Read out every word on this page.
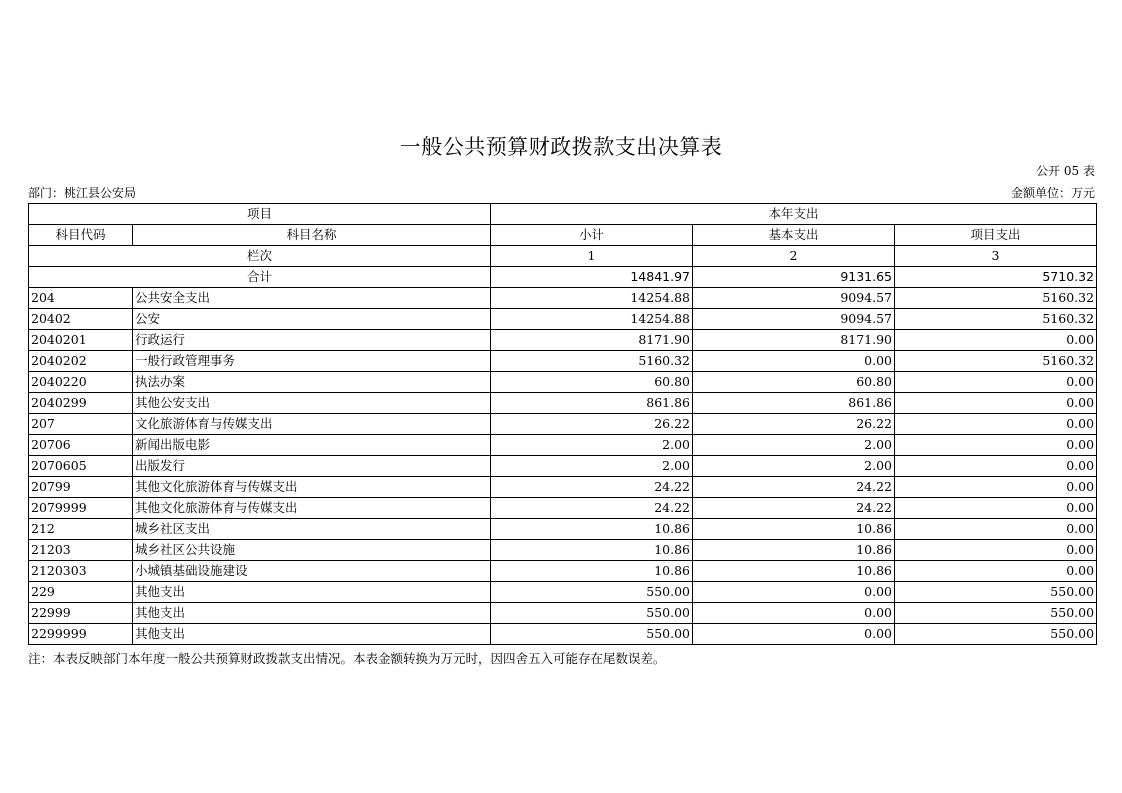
一般公共预算财政拨款支出决算表
公开 05 表
部门：桃江县公安局	金额单位：万元
项目		本年支出		
科目代码	科目名称	小计	基本支出	项目支出
栏次		1	2	3
合计		14841.97	9131.65	5710.32
204	公共安全支出	14254.88	9094.57	5160.32
20402	公安	14254.88	9094.57	5160.32
2040201	行政运行	8171.90	8171.90	0.00
2040202	一般行政管理事务	5160.32	0.00	5160.32
2040220	执法办案	60.80	60.80	0.00
2040299	其他公安支出	861.86	861.86	0.00
207	文化旅游体育与传媒支出	26.22	26.22	0.00
20706	新闻出版电影	2.00	2.00	0.00
2070605	出版发行	2.00	2.00	0.00
20799	其他文化旅游体育与传媒支出	24.22	24.22	0.00
2079999	其他文化旅游体育与传媒支出	24.22	24.22	0.00
212	城乡社区支出	10.86	10.86	0.00
21203	城乡社区公共设施	10.86	10.86	0.00
2120303	小城镇基础设施建设	10.86	10.86	0.00
229	其他支出	550.00	0.00	550.00
22999	其他支出	550.00	0.00	550.00
2299999	其他支出	550.00	0.00	550.00
注：本表反映部门本年度一般公共预算财政拨款支出情况。本表金额转换为万元时，因四舍五入可能存在尾数误差。
